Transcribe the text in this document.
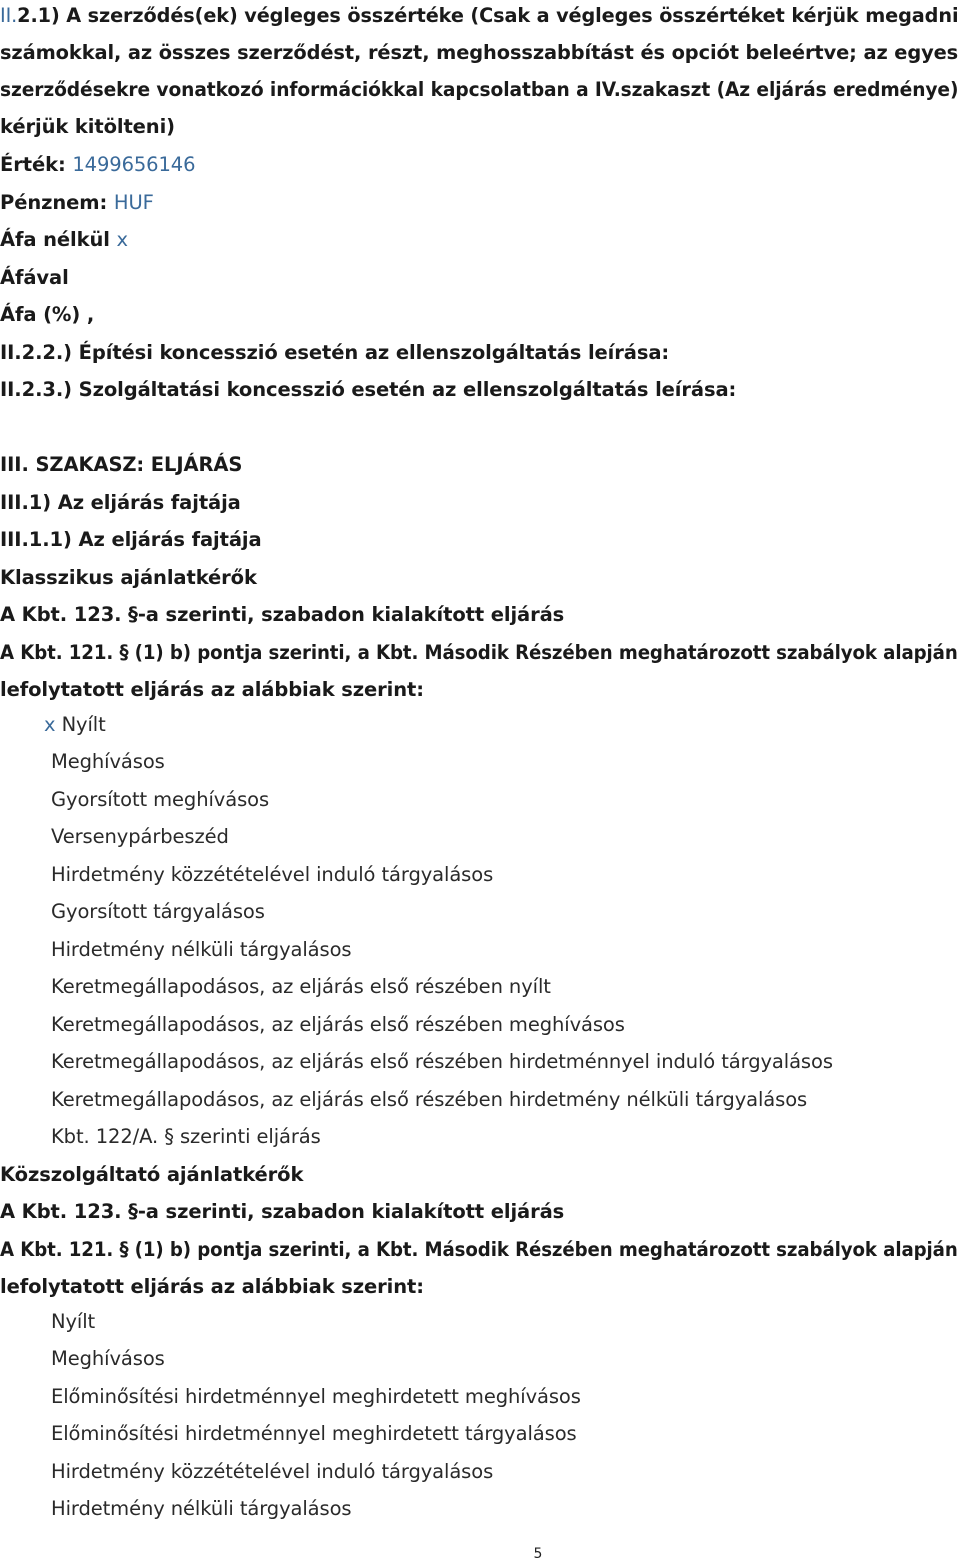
II.2.1) A szerződés(ek) végleges összértéke (Csak a végleges összértéket kérjük megadni
számokkal, az összes szerződést, részt, meghosszabbítást és opciót beleértve; az egyes
szerződésekre vonatkozó információkkal kapcsolatban a IV.szakaszt (Az eljárás eredménye)
kérjük kitölteni)
Érték: 1499656146
Pénznem: HUF
Áfa nélkül x
Áfával
Áfa (%) ,
II.2.2.) Építési koncesszió esetén az ellenszolgáltatás leírása:
II.2.3.) Szolgáltatási koncesszió esetén az ellenszolgáltatás leírása:
III. SZAKASZ: ELJÁRÁS
III.1) Az eljárás fajtája
III.1.1) Az eljárás fajtája
Klasszikus ajánlatkérők
A Kbt. 123. §-a szerinti, szabadon kialakított eljárás
A Kbt. 121. § (1) b) pontja szerinti, a Kbt. Második Részében meghatározott szabályok alapján
lefolytatott eljárás az alábbiak szerint:
x Nyílt
Meghívásos
Gyorsított meghívásos
Versenypárbeszéd
Hirdetmény közzétételével induló tárgyalásos
Gyorsított tárgyalásos
Hirdetmény nélküli tárgyalásos
Keretmegállapodásos, az eljárás első részében nyílt
Keretmegállapodásos, az eljárás első részében meghívásos
Keretmegállapodásos, az eljárás első részében hirdetménnyel induló tárgyalásos
Keretmegállapodásos, az eljárás első részében hirdetmény nélküli tárgyalásos
Kbt. 122/A. § szerinti eljárás
Közszolgáltató ajánlatkérők
A Kbt. 123. §-a szerinti, szabadon kialakított eljárás
A Kbt. 121. § (1) b) pontja szerinti, a Kbt. Második Részében meghatározott szabályok alapján
lefolytatott eljárás az alábbiak szerint:
Nyílt
Meghívásos
Előminősítési hirdetménnyel meghirdetett meghívásos
Előminősítési hirdetménnyel meghirdetett tárgyalásos
Hirdetmény közzétételével induló tárgyalásos
Hirdetmény nélküli tárgyalásos
5
